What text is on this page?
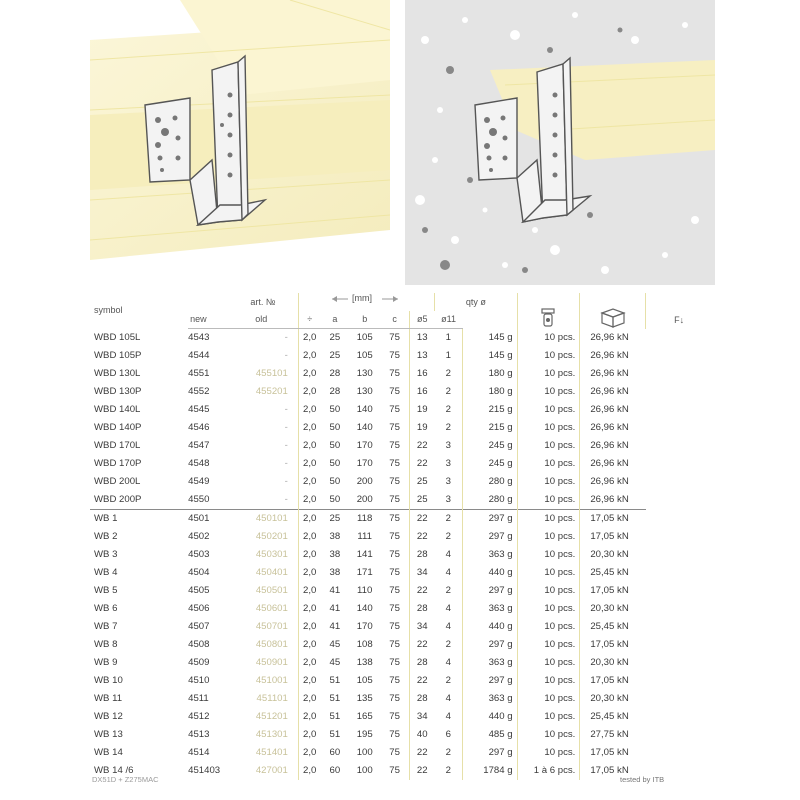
symbol	art. №			[mm]				qty ø				F↓
	new	old	÷	a	b	c	ø5	ø11				
WBD 105L	4543	-	2,0	25	105	75	13	1	145 g	10 pcs.	26,96 kN	
WBD 105P	4544	-	2,0	25	105	75	13	1	145 g	10 pcs.	26,96 kN	
WBD 130L	4551	455101	2,0	28	130	75	16	2	180 g	10 pcs.	26,96 kN	
WBD 130P	4552	455201	2,0	28	130	75	16	2	180 g	10 pcs.	26,96 kN	
WBD 140L	4545	-	2,0	50	140	75	19	2	215 g	10 pcs.	26,96 kN	
WBD 140P	4546	-	2,0	50	140	75	19	2	215 g	10 pcs.	26,96 kN	
WBD 170L	4547	-	2,0	50	170	75	22	3	245 g	10 pcs.	26,96 kN	
WBD 170P	4548	-	2,0	50	170	75	22	3	245 g	10 pcs.	26,96 kN	
WBD 200L	4549	-	2,0	50	200	75	25	3	280 g	10 pcs.	26,96 kN	
WBD 200P	4550	-	2,0	50	200	75	25	3	280 g	10 pcs.	26,96 kN	
WB 1	4501	450101	2,0	25	118	75	22	2	297 g	10 pcs.	17,05 kN	
WB 2	4502	450201	2,0	38	111	75	22	2	297 g	10 pcs.	17,05 kN	
WB 3	4503	450301	2,0	38	141	75	28	4	363 g	10 pcs.	20,30 kN	
WB 4	4504	450401	2,0	38	171	75	34	4	440 g	10 pcs.	25,45 kN	
WB 5	4505	450501	2,0	41	110	75	22	2	297 g	10 pcs.	17,05 kN	
WB 6	4506	450601	2,0	41	140	75	28	4	363 g	10 pcs.	20,30 kN	
WB 7	4507	450701	2,0	41	170	75	34	4	440 g	10 pcs.	25,45 kN	
WB 8	4508	450801	2,0	45	108	75	22	2	297 g	10 pcs.	17,05 kN	
WB 9	4509	450901	2,0	45	138	75	28	4	363 g	10 pcs.	20,30 kN	
WB 10	4510	451001	2,0	51	105	75	22	2	297 g	10 pcs.	17,05 kN	
WB 11	4511	451101	2,0	51	135	75	28	4	363 g	10 pcs.	20,30 kN	
WB 12	4512	451201	2,0	51	165	75	34	4	440 g	10 pcs.	25,45 kN	
WB 13	4513	451301	2,0	51	195	75	40	6	485 g	10 pcs.	27,75 kN	
WB 14	4514	451401	2,0	60	100	75	22	2	297 g	10 pcs.	17,05 kN	
WB 14 /6	451403	427001	2,0	60	100	75	22	2	1784 g	1 à 6 pcs.	17,05 kN	
DX51D + Z275MAC	tested by ITB
